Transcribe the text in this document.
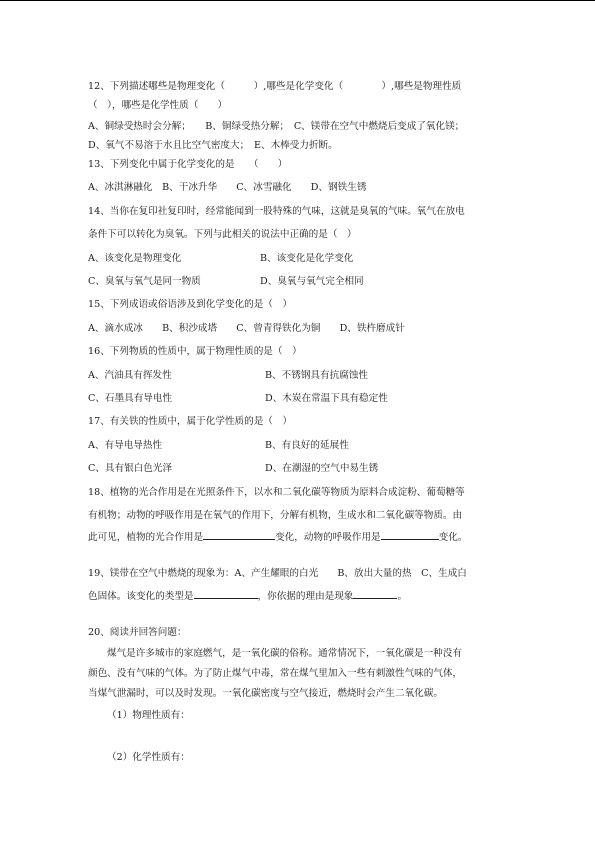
12、下列描述哪些是物理变化（　　　）,哪些是化学变化（　　　　）,哪些是物理性质
（　），哪些是化学性质（　　）
A、铜绿受热时会分解；　　B、铜绿受热分解；　C、镁带在空气中燃烧后变成了氧化镁；
D、氧气不易溶于水且比空气密度大；　E、木棒受力折断。
13、下列变化中属于化学变化的是　　（　　）
A、冰淇淋融化　B、干冰升华　　C、冰雪融化　　D、钢铁生锈
14、当你在复印社复印时，经常能闻到一股特殊的气味，这就是臭氧的气味。氧气在放电
条件下可以转化为臭氧。下列与此相关的说法中正确的是（　）
A、该变化是物理变化	B、该变化是化学变化
C、臭氧与氧气是同一物质	D、臭氧与氧气完全相同
15、下列成语或俗语涉及到化学变化的是（　）
A、滴水成冰　　B、积沙成塔　　C、曾青得铁化为铜　　D、铁杵磨成针
16、下列物质的性质中，属于物理性质的是（　）
A、汽油具有挥发性	B、不锈钢具有抗腐蚀性
C、石墨具有导电性	D、木炭在常温下具有稳定性
17、有关铁的性质中，属于化学性质的是（　）
A、有导电导热性	B、有良好的延展性
C、具有银白色光泽	D、在潮湿的空气中易生锈
18、植物的光合作用是在光照条件下，以水和二氧化碳等物质为原料合成淀粉、葡萄糖等
有机物；动物的呼吸作用是在氧气的作用下，分解有机物，生成水和二氧化碳等物质。由
此可见，植物的光合作用是	变化，动物的呼吸作用是	变化。
19、镁带在空气中燃烧的现象为：A、产生耀眼的白光　　B、放出大量的热　C、生成白
色固体。该变化的类型是	，你依据的理由是现象	。
20、阅读并回答问题：
煤气是许多城市的家庭燃气，是一氧化碳的俗称。通常情况下，一氧化碳是一种没有
颜色、没有气味的气体。为了防止煤气中毒，常在煤气里加入一些有刺激性气味的气体，
当煤气泄漏时，可以及时发现。一氧化碳密度与空气接近，燃烧时会产生二氧化碳。
（1）物理性质有：
（2）化学性质有：
